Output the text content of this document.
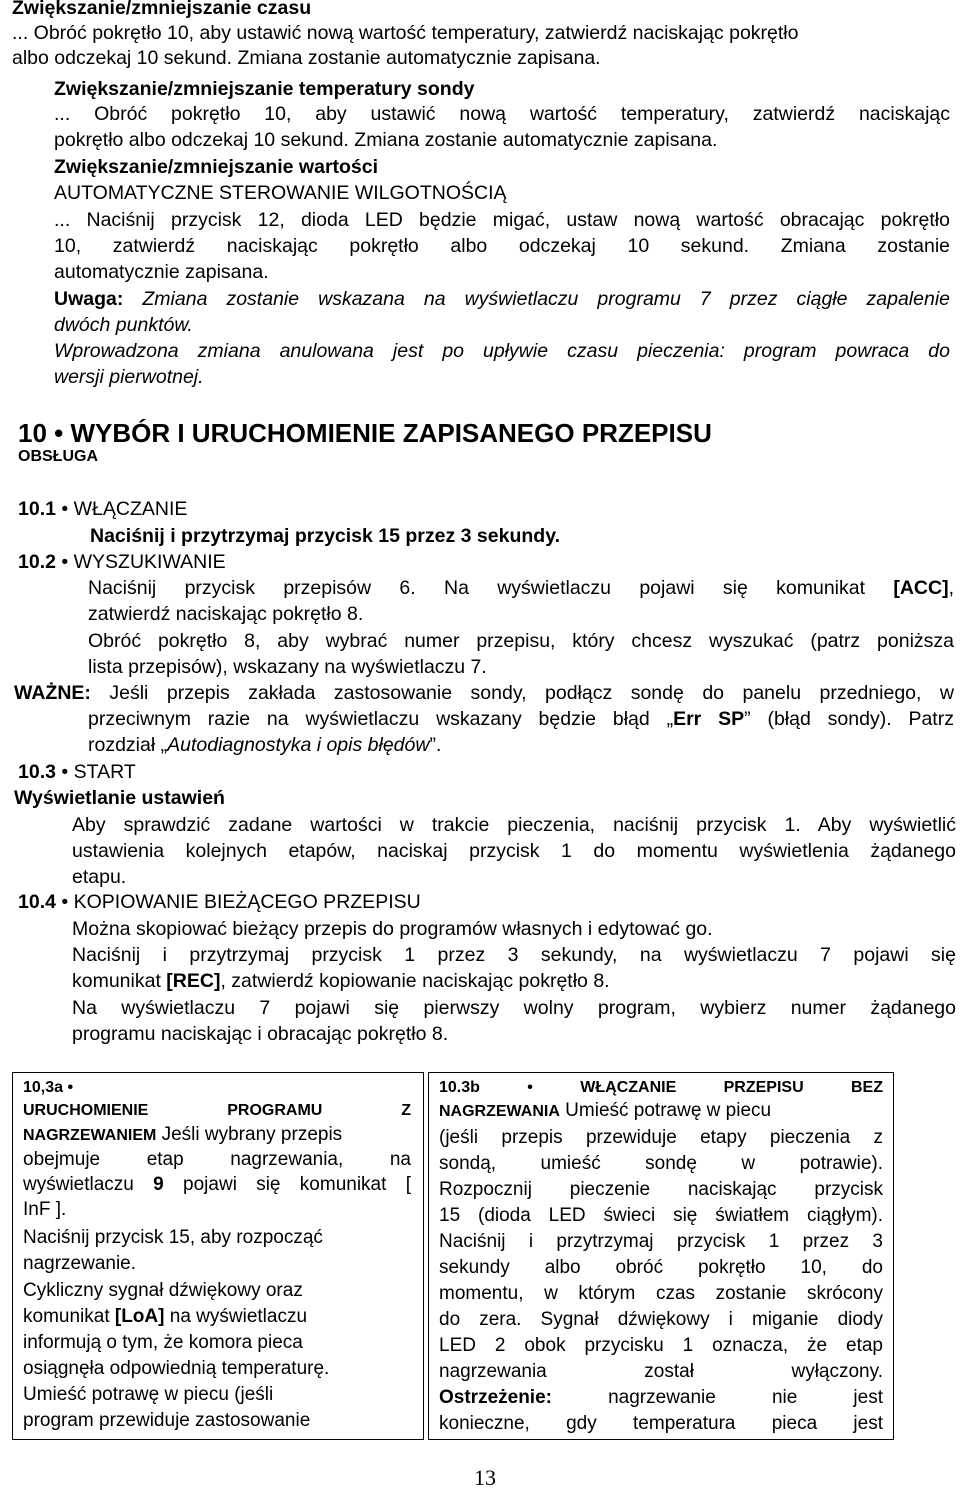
Zwiększanie/zmniejszanie czasu
... Obróć pokrętło 10, aby ustawić nową wartość temperatury, zatwierdź naciskając pokrętło
albo odczekaj 10 sekund. Zmiana zostanie automatycznie zapisana.
Zwiększanie/zmniejszanie temperatury sondy
... Obróć pokrętło 10, aby ustawić nową wartość temperatury, zatwierdź naciskając
pokrętło albo odczekaj 10 sekund. Zmiana zostanie automatycznie zapisana.
Zwiększanie/zmniejszanie wartości
AUTOMATYCZNE STEROWANIE WILGOTNOŚCIĄ
... Naciśnij przycisk 12, dioda LED będzie migać, ustaw nową wartość obracając pokrętło
10, zatwierdź naciskając pokrętło albo odczekaj 10 sekund. Zmiana zostanie
automatycznie zapisana.
Uwaga: Zmiana zostanie wskazana na wyświetlaczu programu 7 przez ciągłe zapalenie
dwóch punktów.
Wprowadzona zmiana anulowana jest po upływie czasu pieczenia: program powraca do
wersji pierwotnej.
10 • WYBÓR I URUCHOMIENIE ZAPISANEGO PRZEPISU
OBSŁUGA
10.1 • WŁĄCZANIE
Naciśnij i przytrzymaj przycisk 15 przez 3 sekundy.
10.2 • WYSZUKIWANIE
Naciśnij przycisk przepisów 6. Na wyświetlaczu pojawi się komunikat [ACC],
zatwierdź naciskając pokrętło 8.
Obróć pokrętło 8, aby wybrać numer przepisu, który chcesz wyszukać (patrz poniższa
lista przepisów), wskazany na wyświetlaczu 7.
WAŻNE: Jeśli przepis zakłada zastosowanie sondy, podłącz sondę do panelu przedniego, w
przeciwnym razie na wyświetlaczu wskazany będzie błąd „Err SP” (błąd sondy). Patrz
rozdział „Autodiagnostyka i opis błędów”.
10.3 • START
Wyświetlanie ustawień
Aby sprawdzić zadane wartości w trakcie pieczenia, naciśnij przycisk 1. Aby wyświetlić
ustawienia kolejnych etapów, naciskaj przycisk 1 do momentu wyświetlenia żądanego
etapu.
10.4 • KOPIOWANIE BIEŻĄCEGO PRZEPISU
Można skopiować bieżący przepis do programów własnych i edytować go.
Naciśnij i przytrzymaj przycisk 1 przez 3 sekundy, na wyświetlaczu 7 pojawi się
komunikat [REC], zatwierdź kopiowanie naciskając pokrętło 8.
Na wyświetlaczu 7 pojawi się pierwszy wolny program, wybierz numer żądanego
programu naciskając i obracając pokrętło 8.
10,3a •
URUCHOMIENIE PROGRAMU Z
NAGRZEWANIEM Jeśli wybrany przepis
obejmuje etap nagrzewania, na
wyświetlaczu 9 pojawi się komunikat [
InF ].
Naciśnij przycisk 15, aby rozpocząć
nagrzewanie.
Cykliczny sygnał dźwiękowy oraz
komunikat [LoA] na wyświetlaczu
informują o tym, że komora pieca
osiągnęła odpowiednią temperaturę.
Umieść potrawę w piecu (jeśli
program przewiduje zastosowanie
10.3b • WŁĄCZANIE PRZEPISU BEZ
NAGRZEWANIA Umieść potrawę w piecu
(jeśli przepis przewiduje etapy pieczenia z
sondą, umieść sondę w potrawie).
Rozpocznij pieczenie naciskając przycisk
15 (dioda LED świeci się światłem ciągłym).
Naciśnij i przytrzymaj przycisk 1 przez 3
sekundy albo obróć pokrętło 10, do
momentu, w którym czas zostanie skrócony
do zera. Sygnał dźwiękowy i miganie diody
LED 2 obok przycisku 1 oznacza, że etap
nagrzewania został wyłączony.
Ostrzeżenie: nagrzewanie nie jest
konieczne, gdy temperatura pieca jest
13
